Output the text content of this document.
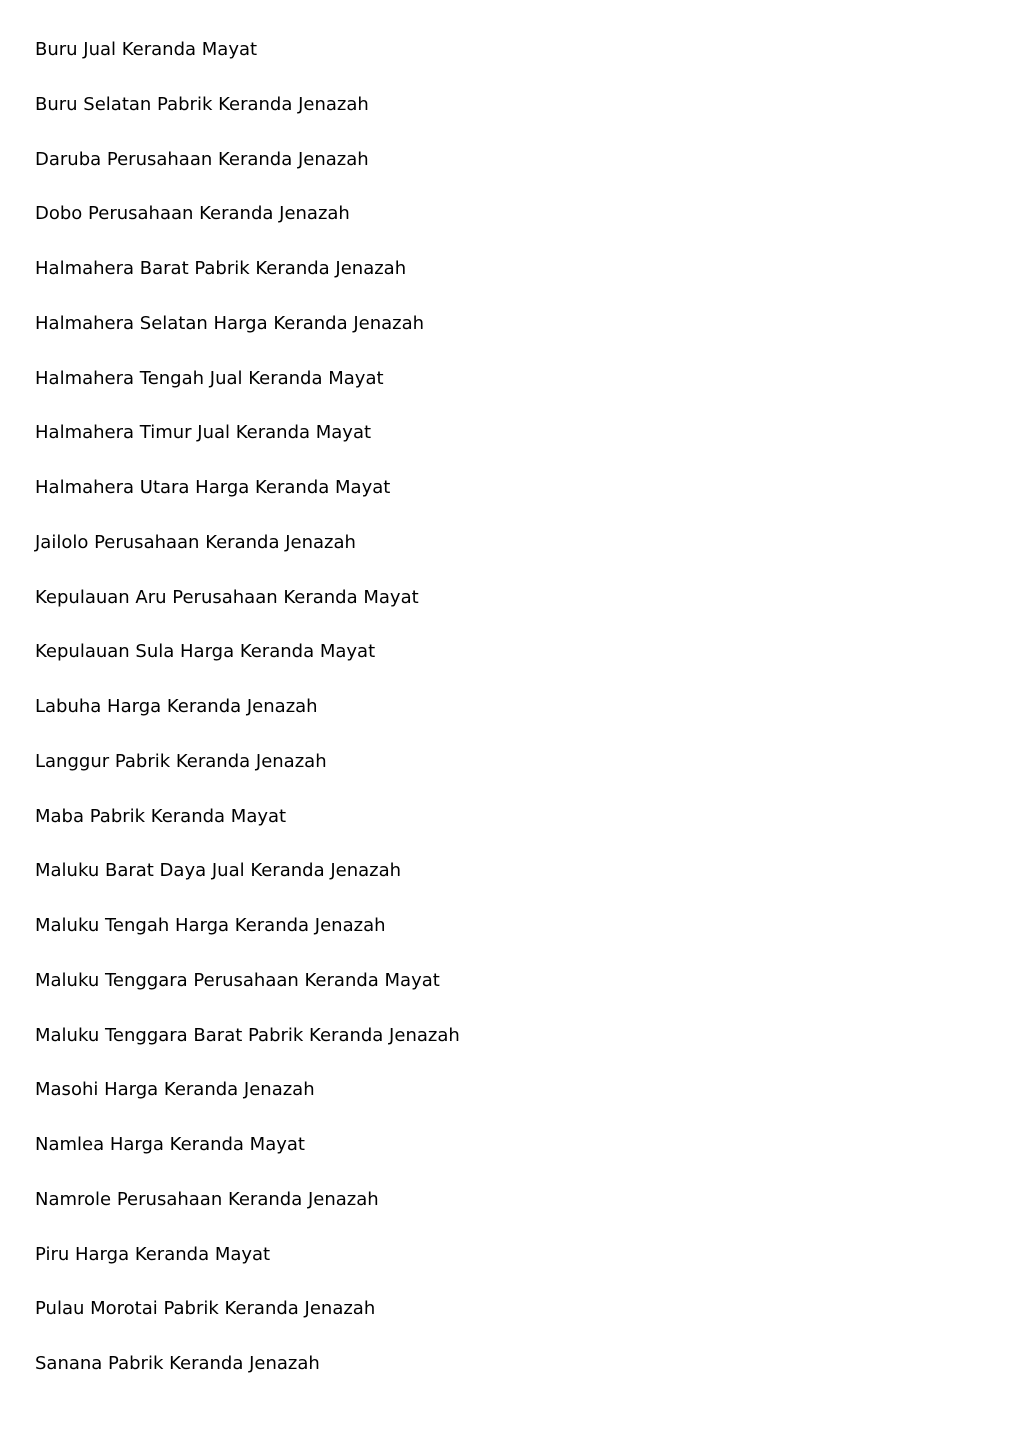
Buru Jual Keranda Mayat
Buru Selatan Pabrik Keranda Jenazah
Daruba Perusahaan Keranda Jenazah
Dobo Perusahaan Keranda Jenazah
Halmahera Barat Pabrik Keranda Jenazah
Halmahera Selatan Harga Keranda Jenazah
Halmahera Tengah Jual Keranda Mayat
Halmahera Timur Jual Keranda Mayat
Halmahera Utara Harga Keranda Mayat
Jailolo Perusahaan Keranda Jenazah
Kepulauan Aru Perusahaan Keranda Mayat
Kepulauan Sula Harga Keranda Mayat
Labuha Harga Keranda Jenazah
Langgur Pabrik Keranda Jenazah
Maba Pabrik Keranda Mayat
Maluku Barat Daya Jual Keranda Jenazah
Maluku Tengah Harga Keranda Jenazah
Maluku Tenggara Perusahaan Keranda Mayat
Maluku Tenggara Barat Pabrik Keranda Jenazah
Masohi Harga Keranda Jenazah
Namlea Harga Keranda Mayat
Namrole Perusahaan Keranda Jenazah
Piru Harga Keranda Mayat
Pulau Morotai Pabrik Keranda Jenazah
Sanana Pabrik Keranda Jenazah
